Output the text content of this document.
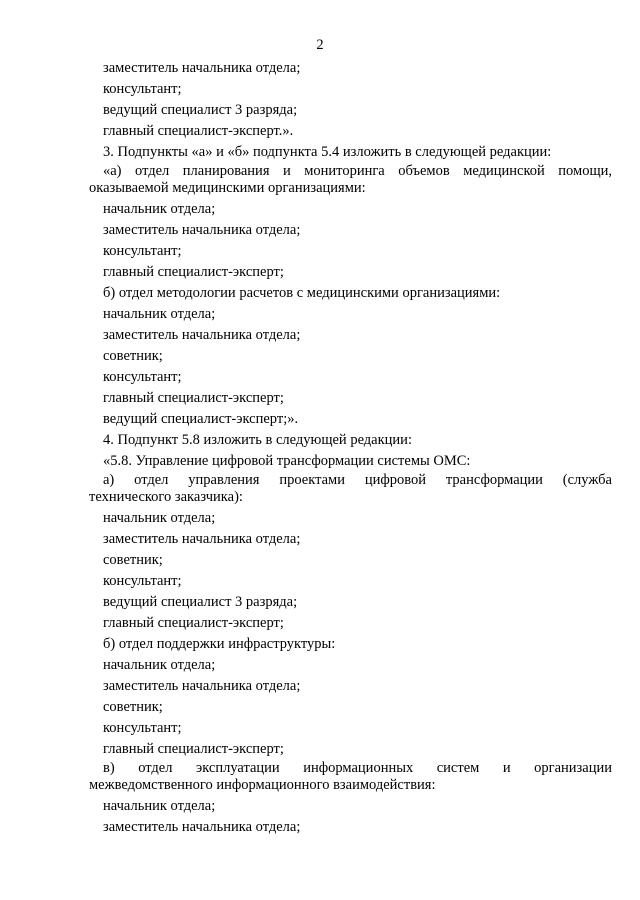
2
заместитель начальника отдела;
консультант;
ведущий специалист 3 разряда;
главный специалист-эксперт.».
3. Подпункты «а» и «б» подпункта 5.4 изложить в следующей редакции:
«а) отдел планирования и мониторинга объемов медицинской помощи,
оказываемой медицинскими организациями:
начальник отдела;
заместитель начальника отдела;
консультант;
главный специалист-эксперт;
б) отдел методологии расчетов с медицинскими организациями:
начальник отдела;
заместитель начальника отдела;
советник;
консультант;
главный специалист-эксперт;
ведущий специалист-эксперт;».
4. Подпункт 5.8 изложить в следующей редакции:
«5.8. Управление цифровой трансформации системы ОМС:
а) отдел управления проектами цифровой трансформации (служба
технического заказчика):
начальник отдела;
заместитель начальника отдела;
советник;
консультант;
ведущий специалист 3 разряда;
главный специалист-эксперт;
б) отдел поддержки инфраструктуры:
начальник отдела;
заместитель начальника отдела;
советник;
консультант;
главный специалист-эксперт;
в) отдел эксплуатации информационных систем и организации
межведомственного информационного взаимодействия:
начальник отдела;
заместитель начальника отдела;
